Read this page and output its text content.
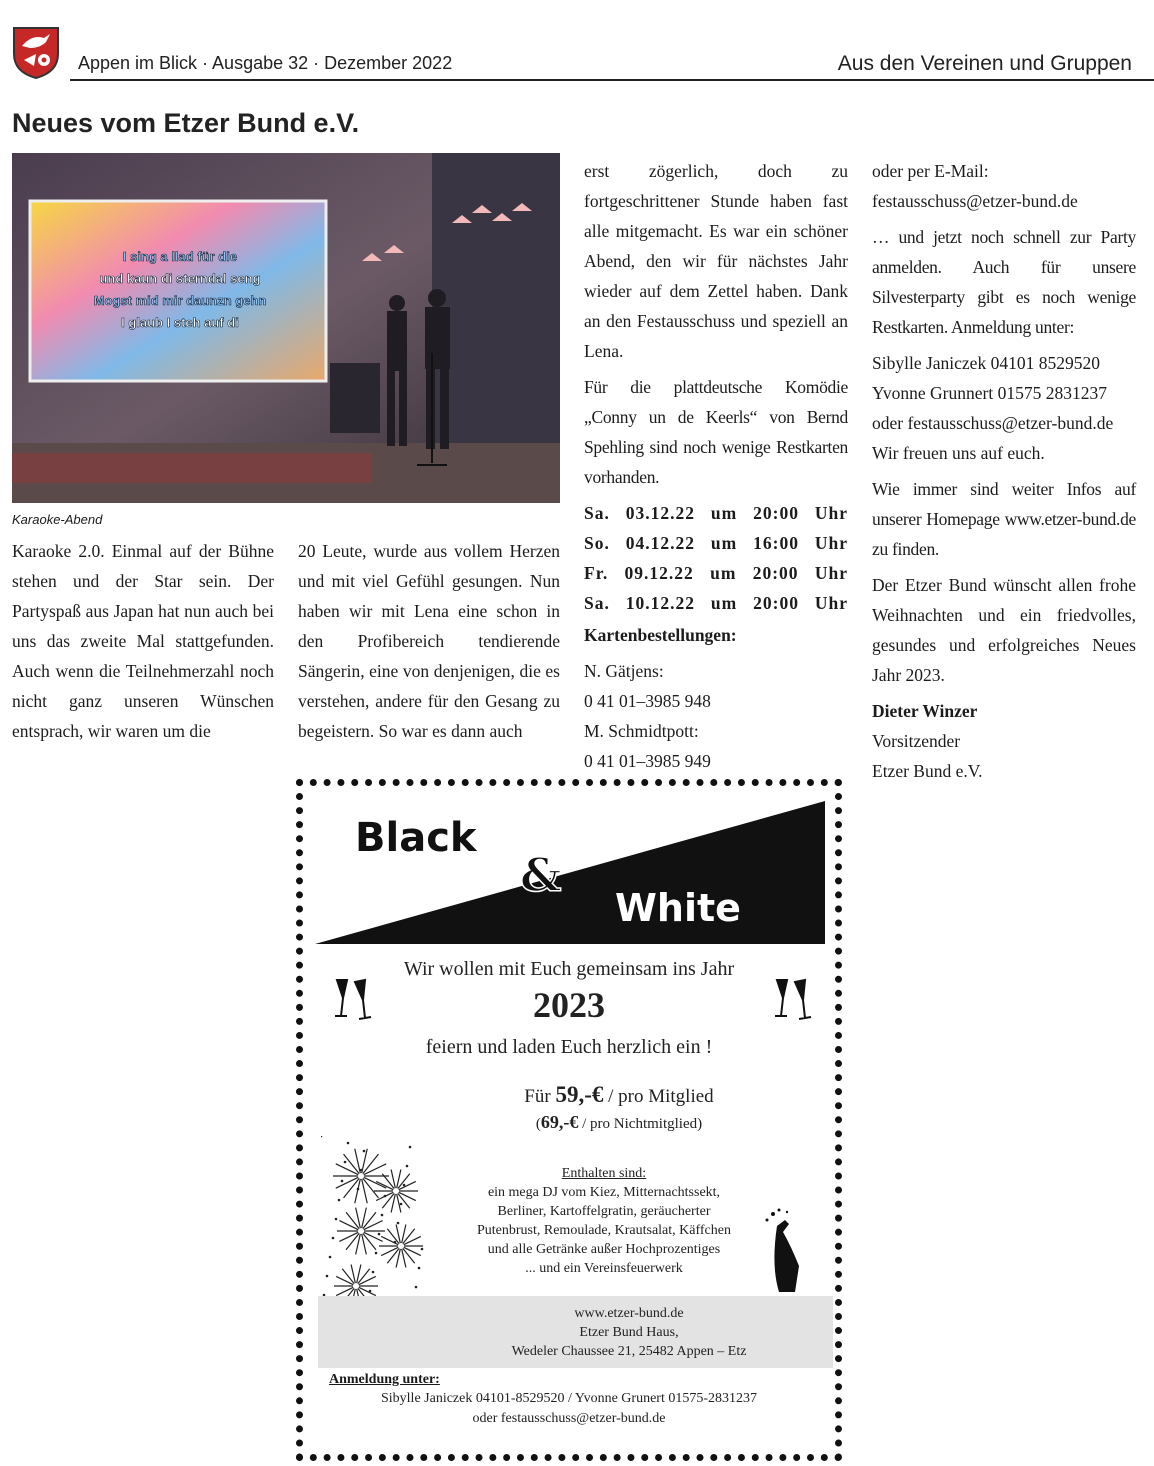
Appen im Blick · Ausgabe 32 · Dezember 2022	Aus den Vereinen und Gruppen
Neues vom Etzer Bund e.V.
I sing a llad für die
und kaun di sterndal seng
Mogst mid mir daunzn gehn
I glaub I steh auf di
Karaoke-Abend

Karaoke 2.0. Einmal auf der Bühne stehen und der Star sein. Der Partyspaß aus Japan hat nun auch bei uns das zweite Mal stattgefunden. Auch wenn die Teilnehmerzahl noch nicht ganz unseren Wünschen entsprach, wir waren um die

20 Leute, wurde aus vollem Herzen und mit viel Gefühl gesungen. Nun haben wir mit Lena eine schon in den Profibereich tendierende Sängerin, eine von denjenigen, die es verstehen, andere für den Gesang zu begeistern. So war es dann auch

erst zögerlich, doch zu fortgeschrittener Stunde haben fast alle mitgemacht. Es war ein schöner Abend, den wir für nächstes Jahr wieder auf dem Zettel haben. Dank an den Festausschuss und speziell an Lena.

Für die plattdeutsche Komödie „Conny un de Keerls“ von Bernd Spehling sind noch wenige Restkarten vorhanden.

Sa. 03.12.22 um 20:00 Uhr
So. 04.12.22 um 16:00 Uhr
Fr. 09.12.22 um 20:00 Uhr
Sa. 10.12.22 um 20:00 Uhr

Kartenbestellungen:

N. Gätjens:
0 41 01–3985 948
M. Schmidtpott:
0 41 01–3985 949

oder per E-Mail:
festausschuss@etzer-bund.de

… und jetzt noch schnell zur Party anmelden. Auch für unsere Silvesterparty gibt es noch wenige Restkarten. Anmeldung unter:

Sibylle Janiczek 04101 8529520
Yvonne Grunnert 01575 2831237
oder festausschuss@etzer-bund.de
Wir freuen uns auf euch.

Wie immer sind weiter Infos auf unserer Homepage www.etzer-bund.de zu finden.

Der Etzer Bund wünscht allen frohe Weihnachten und ein friedvolles, gesundes und erfolgreiches Neues Jahr 2023.

Dieter Winzer
Vorsitzender
Etzer Bund e.V.

Black
&
White
Wir wollen mit Euch gemeinsam ins Jahr
2023
feiern und laden Euch herzlich ein !
Für 59,-€ / pro Mitglied
(69,-€ / pro Nichtmitglied)
Enthalten sind:
ein mega DJ vom Kiez, Mitternachtssekt,
Berliner, Kartoffelgratin, geräucherter
Putenbrust, Remoulade, Krautsalat, Käffchen
und alle Getränke außer Hochprozentiges
... und ein Vereinsfeuerwerk
www.etzer-bund.de
Etzer Bund Haus,
Wedeler Chaussee 21, 25482 Appen – Etz
Anmeldung unter:
Sibylle Janiczek 04101-8529520 / Yvonne Grunert 01575-2831237
oder festausschuss@etzer-bund.de
